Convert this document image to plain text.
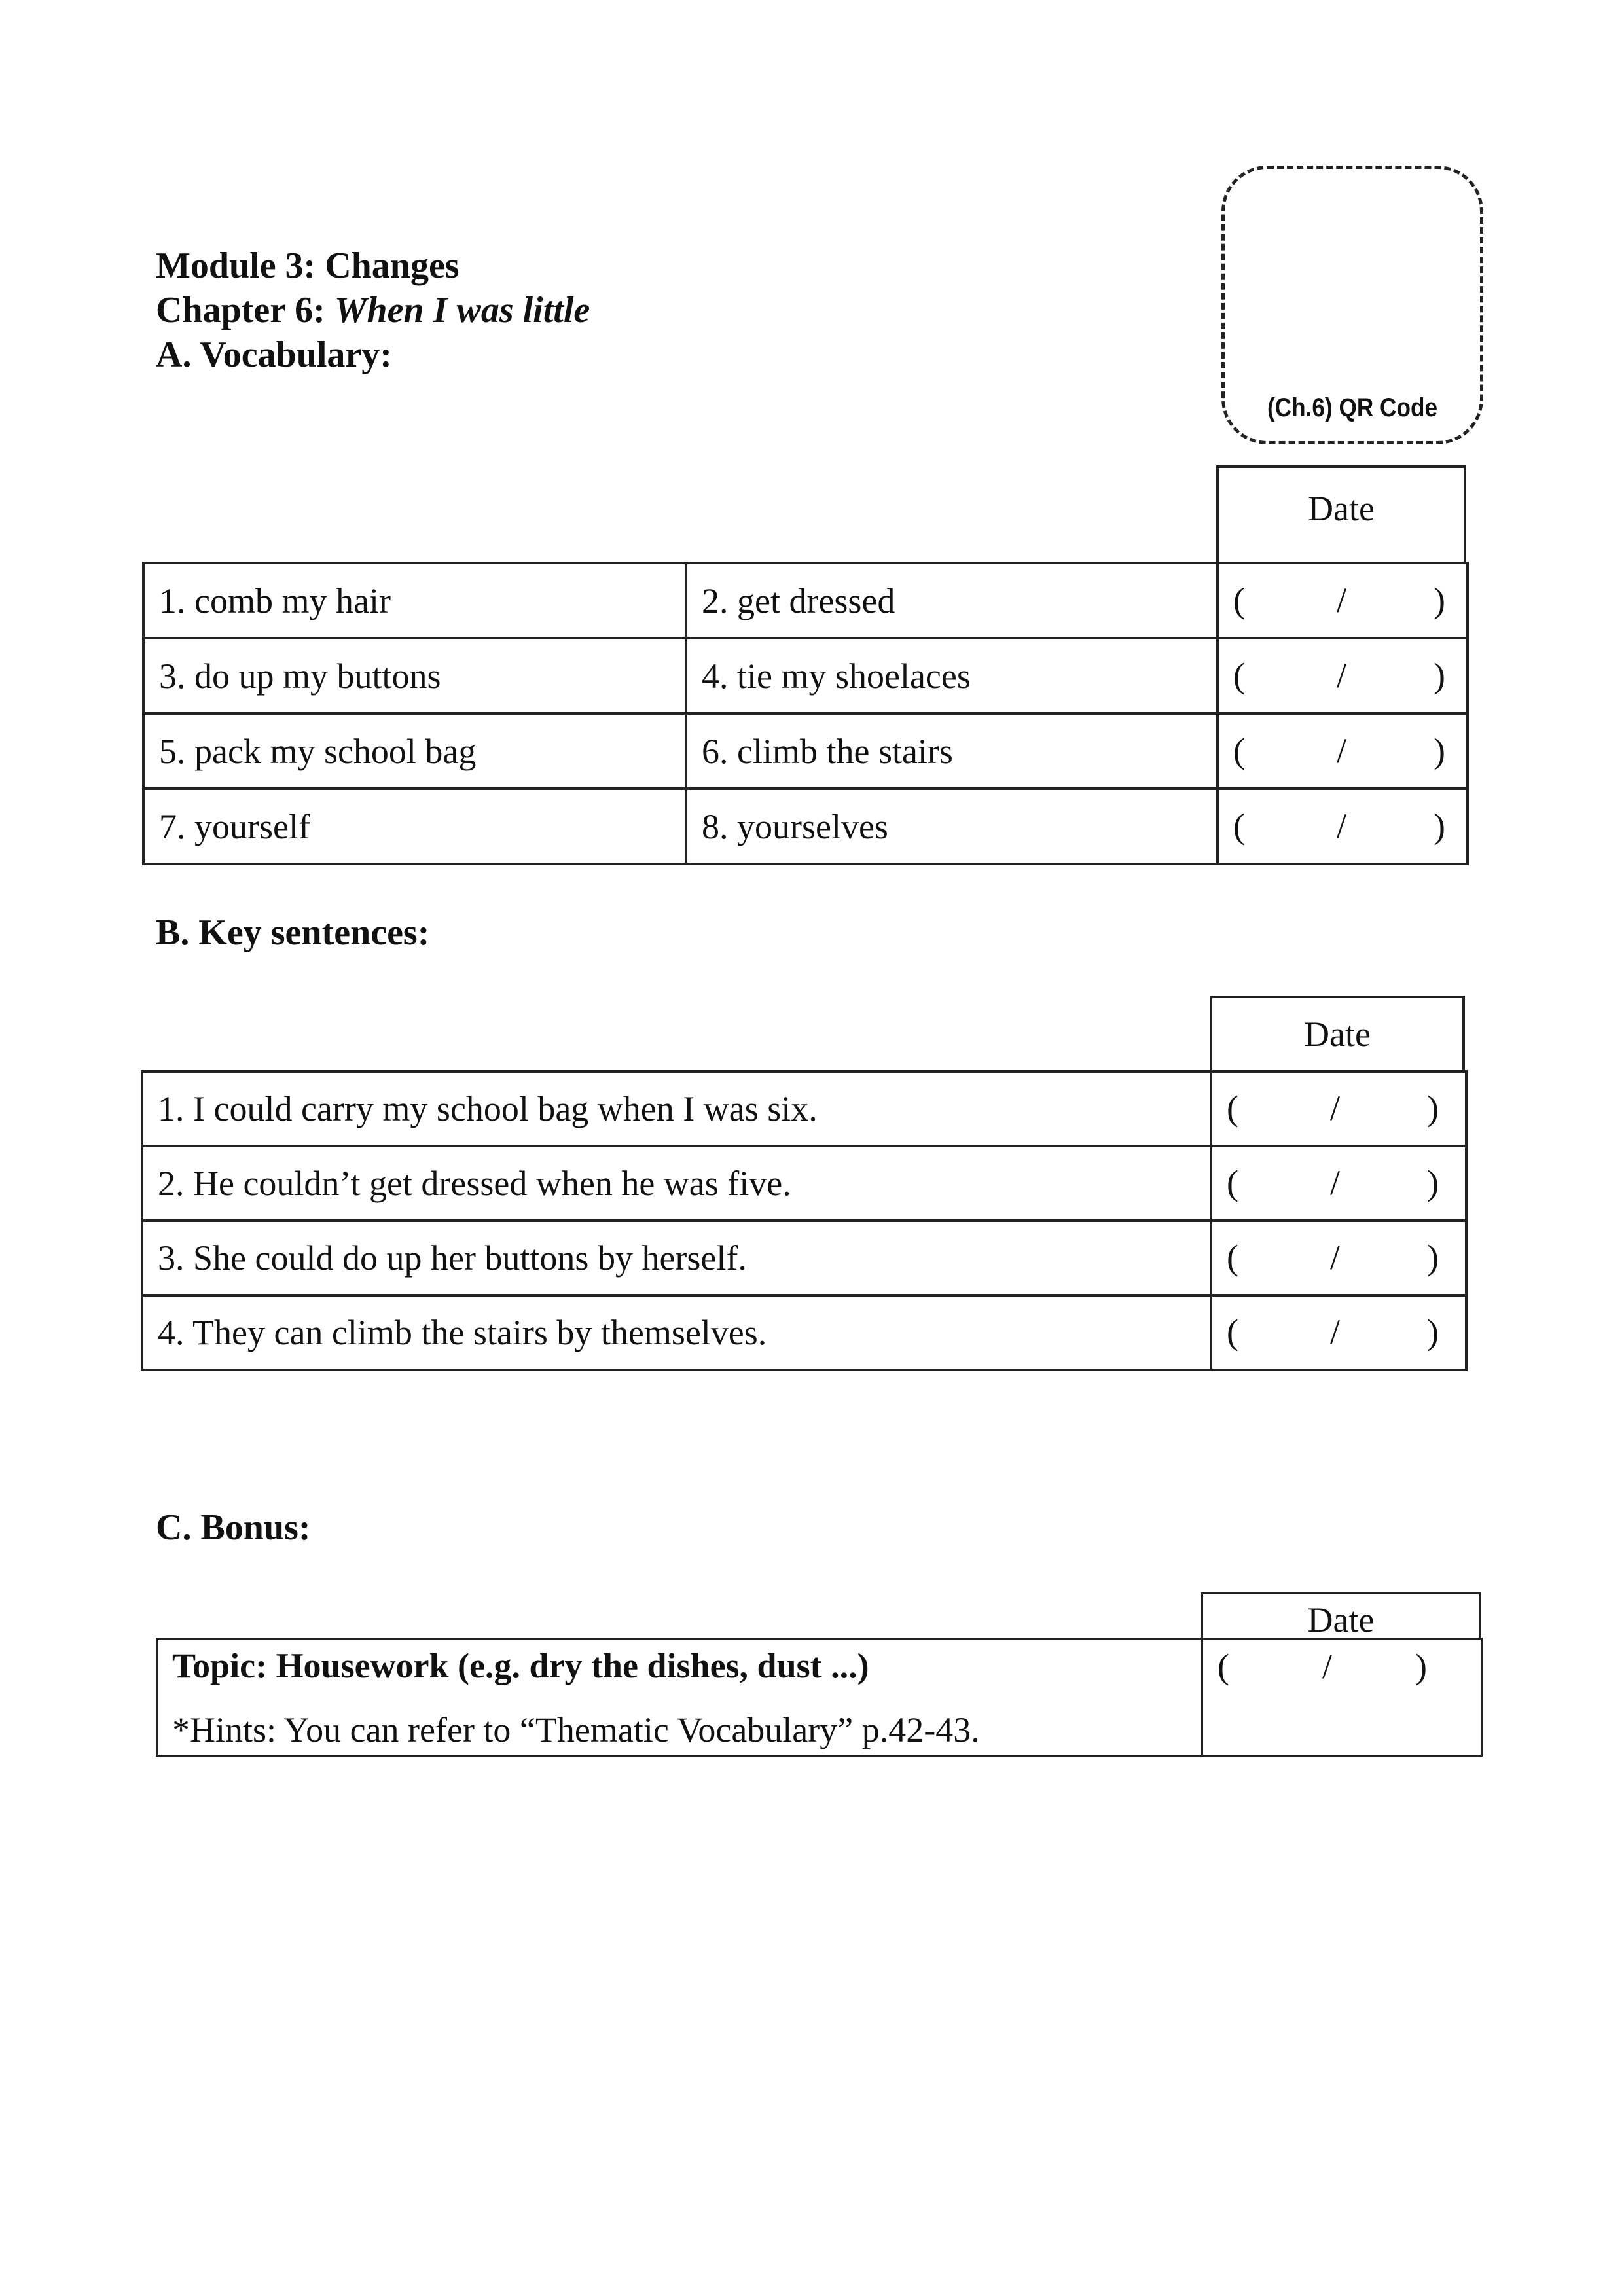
Module 3: Changes
Chapter 6: When I was little
A. Vocabulary:
(Ch.6) QR Code
Date
1. comb my hair	2. get dressed	( / )

3. do up my buttons	4. tie my shoelaces	( / )

5. pack my school bag	6. climb the stairs	( / )

7. yourself	8. yourselves	( / )
B. Key sentences:
Date
1. I could carry my school bag when I was six.	( / )

2. He couldn’t get dressed when he was five.	( / )

3. She could do up her buttons by herself.	( / )

4. They can climb the stairs by themselves.	( / )
C. Bonus:
Date
Topic: Housework (e.g. dry the dishes, dust ...)
*Hints: You can refer to “Thematic Vocabulary” p.42-43.

(	/ )
